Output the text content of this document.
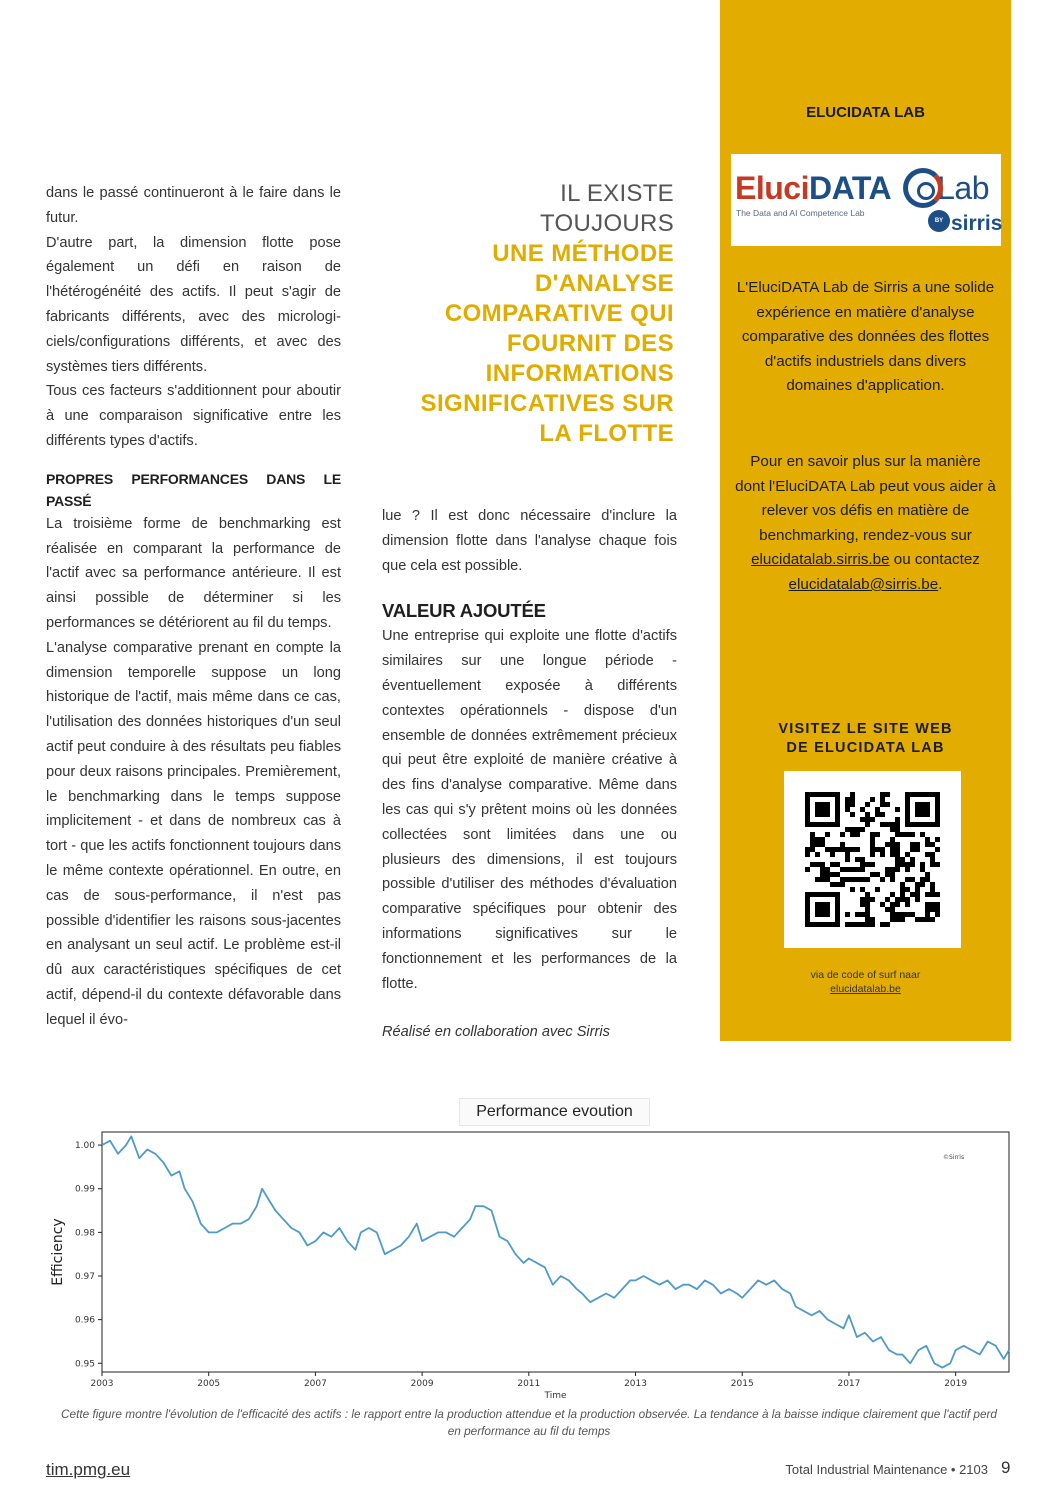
dans le passé continueront à le faire dans le futur.

D'autre part, la dimension flotte pose également un défi en raison de l'hétérogénéité des actifs. Il peut s'agir de fabricants différents, avec des micrologi-ciels/configurations différents, et avec des systèmes tiers différents.

Tous ces facteurs s'additionnent pour aboutir à une comparaison significative entre les différents types d'actifs.

PROPRES PERFORMANCES DANS LE PASSÉ

La troisième forme de benchmarking est réalisée en comparant la performance de l'actif avec sa performance antérieure. Il est ainsi possible de déterminer si les performances se détériorent au fil du temps.

L'analyse comparative prenant en compte la dimension temporelle suppose un long historique de l'actif, mais même dans ce cas, l'utilisation des données historiques d'un seul actif peut conduire à des résultats peu fiables pour deux raisons principales. Premièrement, le benchmarking dans le temps suppose implicitement - et dans de nombreux cas à tort - que les actifs fonctionnent toujours dans le même contexte opérationnel. En outre, en cas de sous-performance, il n'est pas possible d'identifier les raisons sous-jacentes en analysant un seul actif. Le problème est-il dû aux caractéristiques spécifiques de cet actif, dépend-il du contexte défavorable dans lequel il évo-

IL EXISTE TOUJOURS
UNE MÉTHODE D'ANALYSE COMPARATIVE QUI FOURNIT DES INFORMATIONS SIGNIFICATIVES SUR LA FLOTTE

lue ? Il est donc nécessaire d'inclure la dimension flotte dans l'analyse chaque fois que cela est possible.

VALEUR AJOUTÉE

Une entreprise qui exploite une flotte d'actifs similaires sur une longue période - éventuellement exposée à différents contextes opérationnels - dispose d'un ensemble de données extrêmement précieux qui peut être exploité de manière créative à des fins d'analyse comparative. Même dans les cas qui s'y prêtent moins où les données collectées sont limitées dans une ou plusieurs des dimensions, il est toujours possible d'utiliser des méthodes d'évaluation comparative spécifiques pour obtenir des informations significatives sur le fonctionnement et les performances de la flotte.

Réalisé en collaboration avec Sirris

ELUCIDATA LAB
EluciDATA Lab
The Data and AI Competence Lab
BY sirris
L'EluciDATA Lab de Sirris a une solide expérience en matière d'analyse comparative des données des flottes d'actifs industriels dans divers domaines d'application.
Pour en savoir plus sur la manière dont l'EluciDATA Lab peut vous aider à relever vos défis en matière de benchmarking, rendez-vous sur elucidatalab.sirris.be ou contactez elucidatalab@sirris.be.
VISITEZ LE SITE WEB
DE ELUCIDATA LAB
via de code of surf naar
elucidatalab.be
0.95
0.96
0.97
0.98
0.99
1.00
2003	2005	2007	2009	2011	2013	2015	2017	2019
Time
Efficiency
©Sirris
Performance evoution
Cette figure montre l'évolution de l'efficacité des actifs : le rapport entre la production attendue et la production observée. La tendance à la baisse indique clairement que l'actif perd en performance au fil du temps
tim.pmg.eu	Total Industrial Maintenance • 2103 9
